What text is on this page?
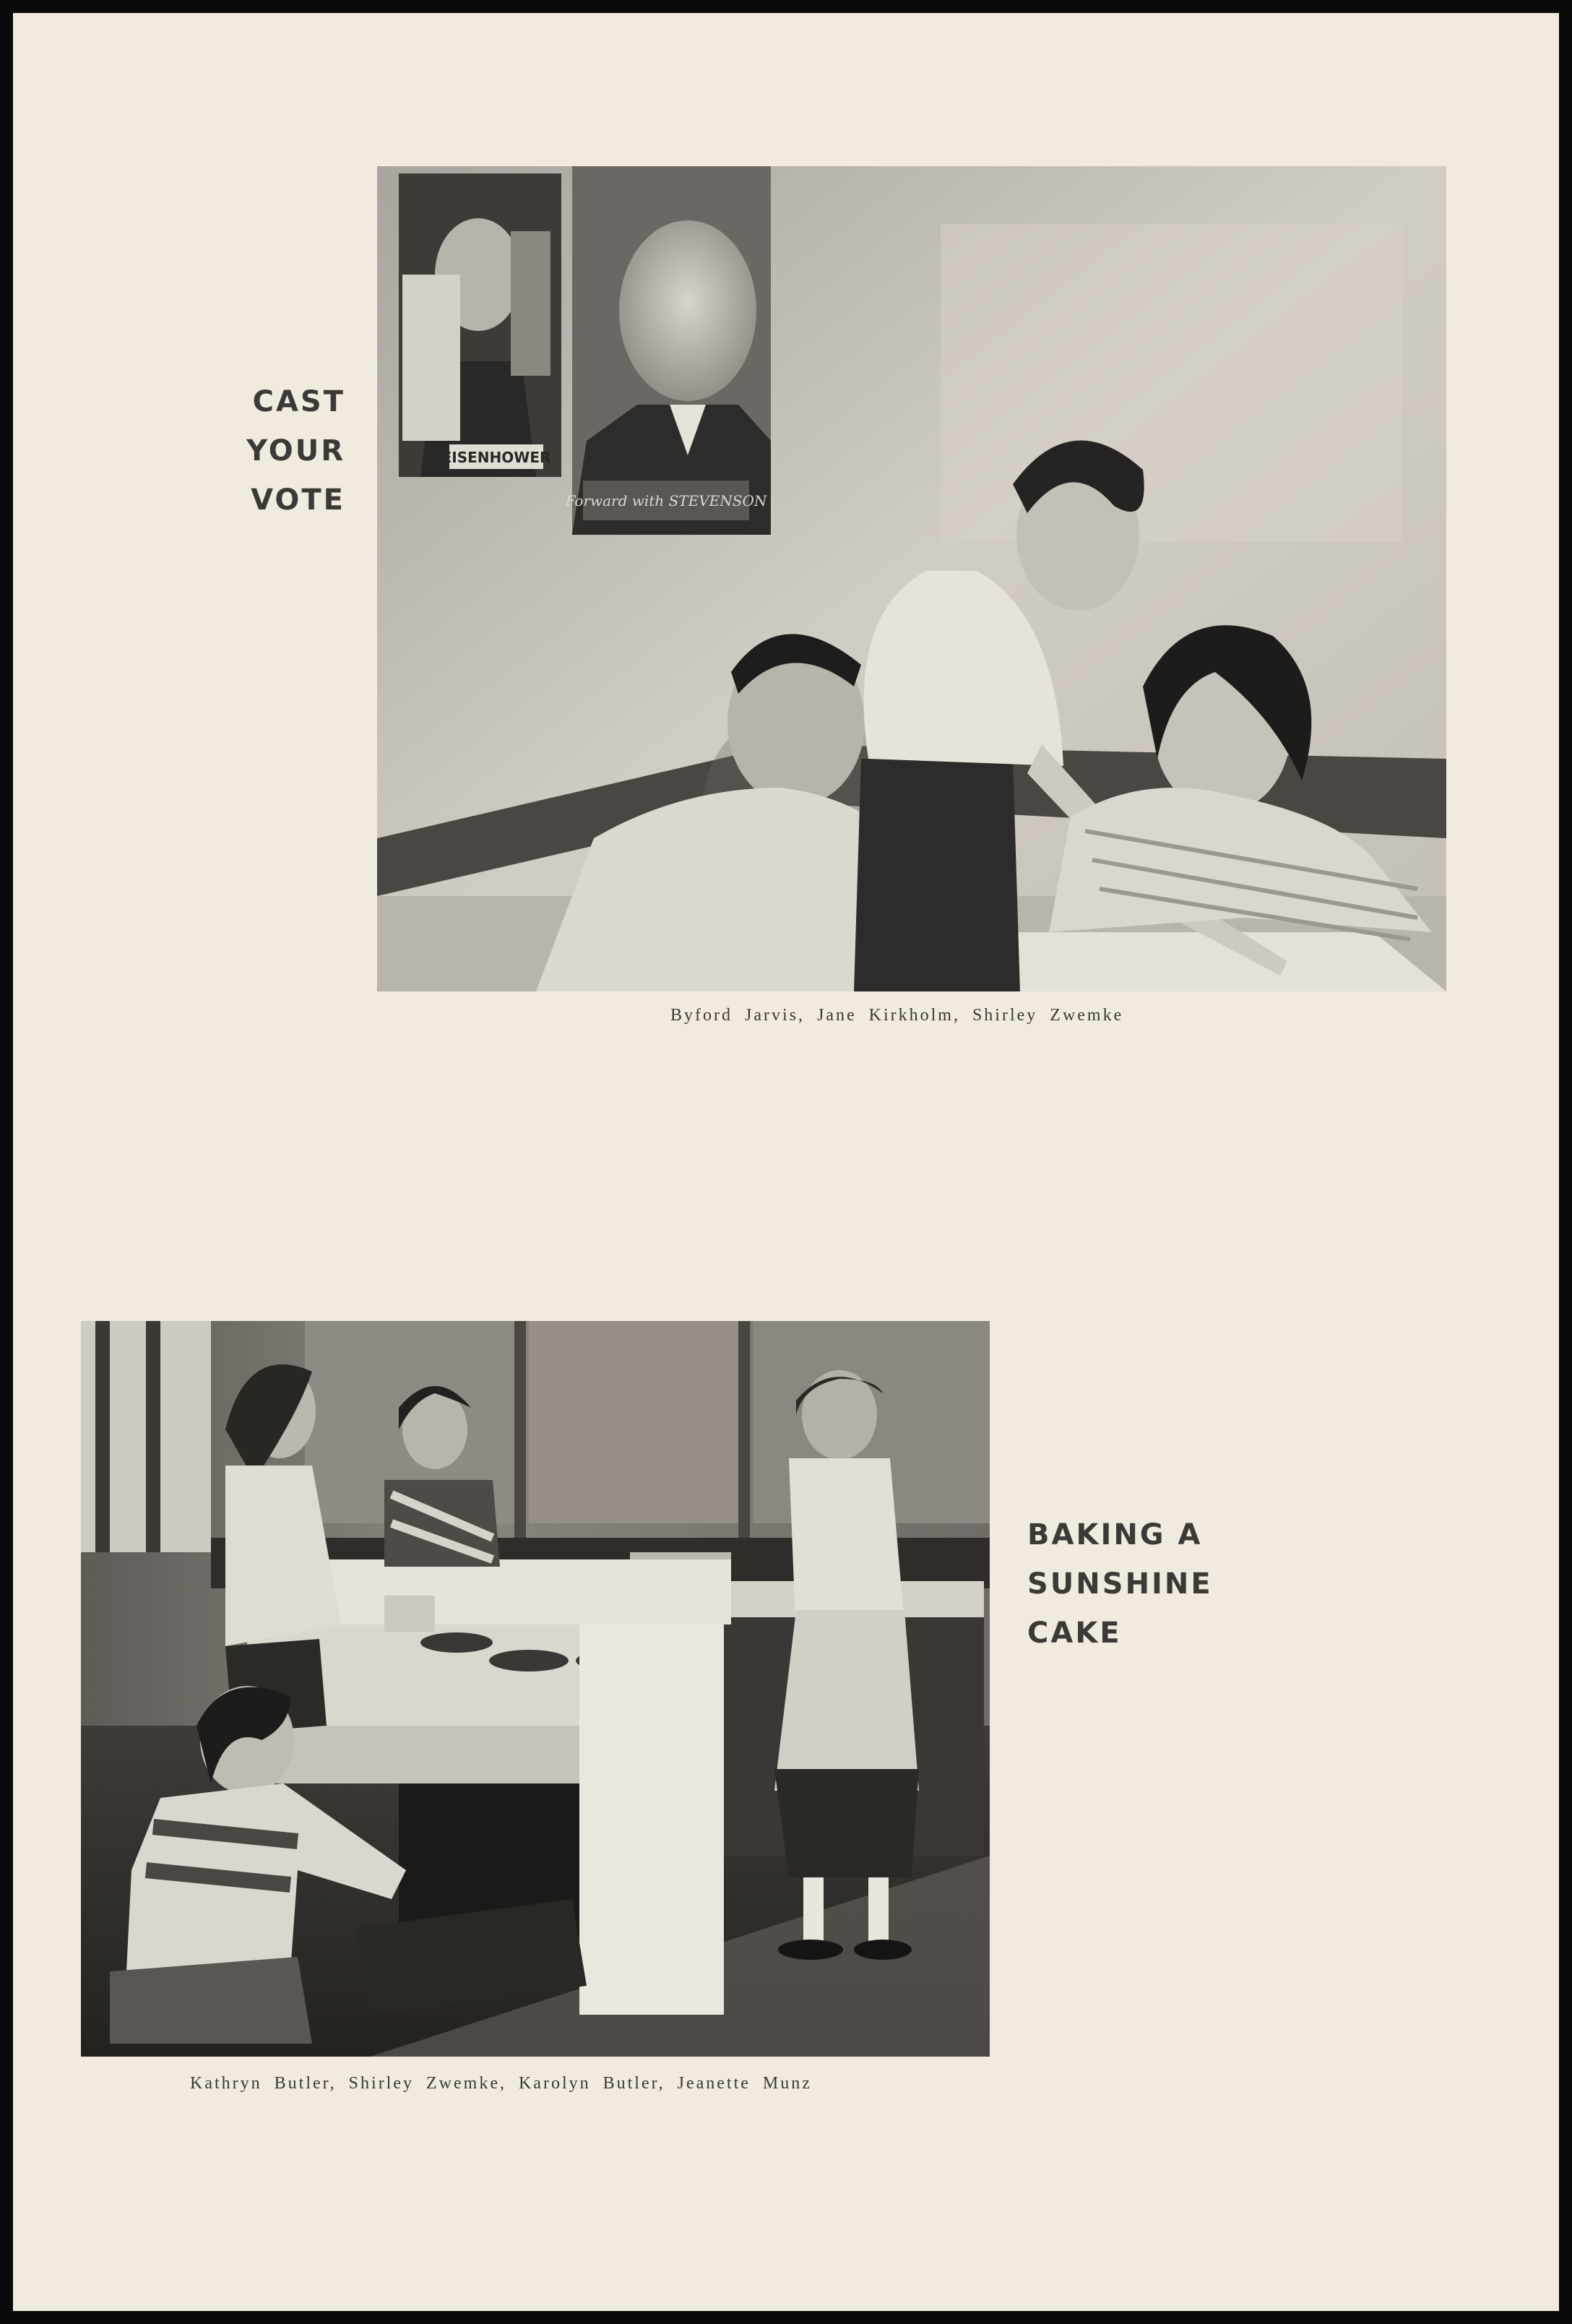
CAST
YOUR
VOTE
EISENHOWER
Forward with STEVENSON

Byford Jarvis, Jane Kirkholm, Shirley Zwemke

Kathryn Butler, Shirley Zwemke, Karolyn Butler, Jeanette Munz

BAKING A
SUNSHINE
CAKE
